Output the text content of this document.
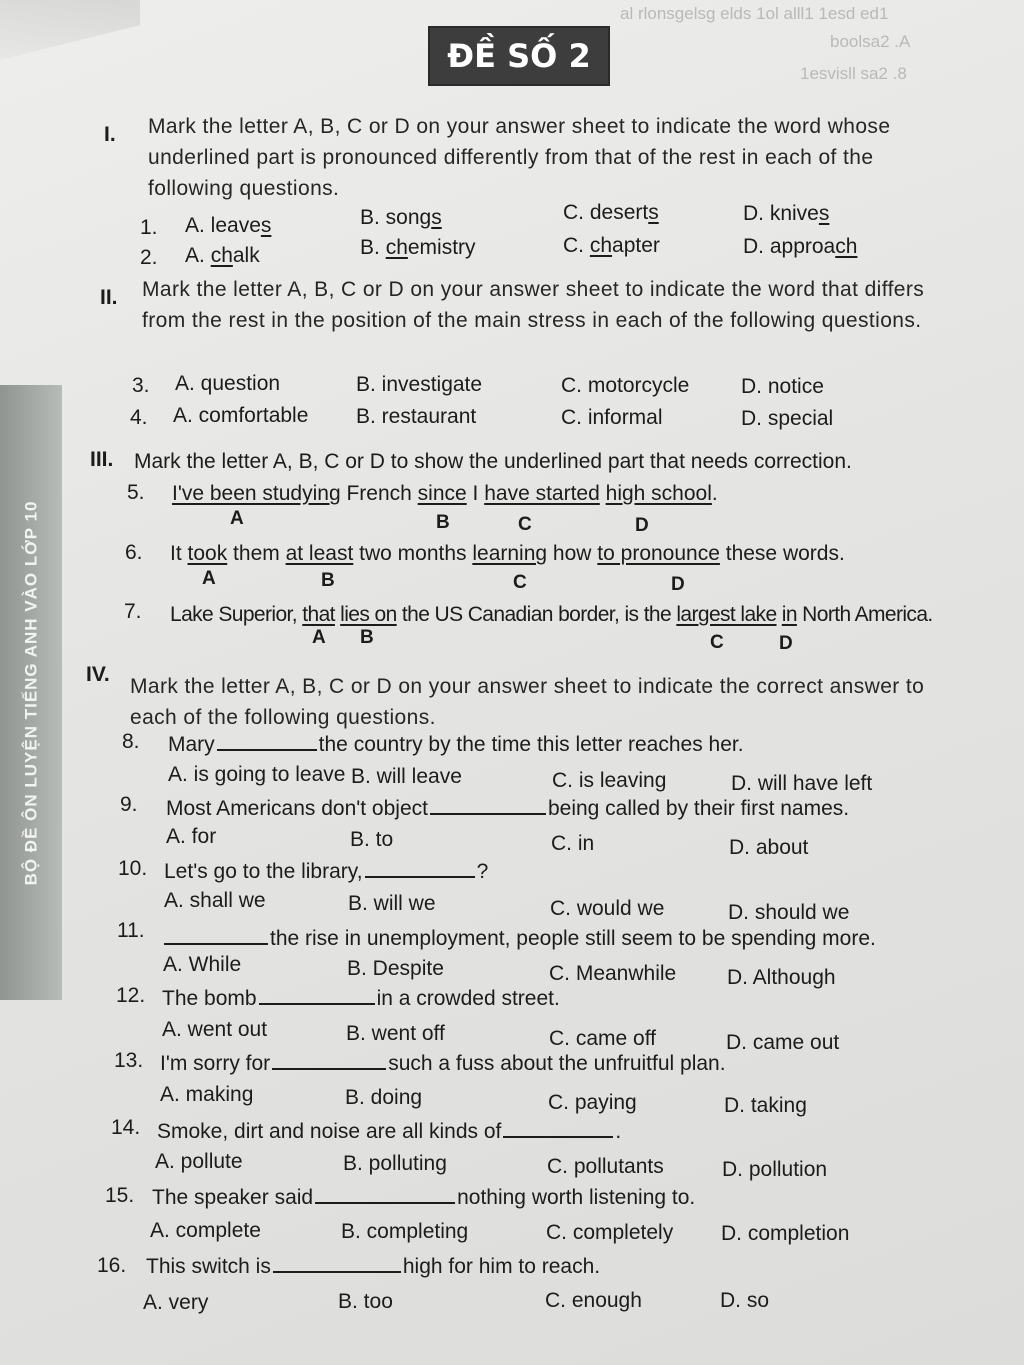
BỘ ĐỀ ÔN LUYỆN TIẾNG ANH VÀO LỚP 10
al rlonsgelsg elds 1ol alll1 1esd ed1
boolsa2 .A
1esvisll sa2 .8
ĐỀ SỐ 2
I. Mark the letter A, B, C or D on your answer sheet to indicate the word whose underlined part is pronounced differently from that of the rest in each of the following questions.
1. A. leaves	B. songs	C. deserts	D. knives
2. A. chalk	B. chemistry	C. chapter	D. approach
II. Mark the letter A, B, C or D on your answer sheet to indicate the word that differs from the rest in the position of the main stress in each of the following questions.
3. A. question	B. investigate	C. motorcycle D. notice
4. A. comfortable B. restaurant	C. informal	D. special
III. Mark the letter A, B, C or D to show the underlined part that needs correction.
5. I've been studying French since I have started high school.
A	B	C	D
6. It took them at least two months learning how to pronounce these words.
A	B	C	D
7. Lake Superior, that lies on the US Canadian border, is the largest lake in North America.
A B	C	D
IV.
Mark the letter A, B, C or D on your answer sheet to indicate the correct answer to each of the following questions.
8. Mary	the country by the time this letter reaches her.
A. is going to leave B. will leave	C. is leaving	D. will have left
9. Most Americans don't object	being called by their first names.
A. for	B. to	C. in	D. about
10. Let's go to the library,	?
A. shall we	B. will we	C. would we	D. should we
11.	the rise in unemployment, people still seem to be spending more.
A. While	B. Despite	C. Meanwhile D. Although
12. The bomb	in a crowded street.
A. went out	B. went off	C. came off	D. came out
13. I'm sorry for	such a fuss about the unfruitful plan.
A. making	B. doing	C. paying	D. taking
14. Smoke, dirt and noise are all kinds of	.
A. pollute	B. polluting	C. pollutants	D. pollution
15. The speaker said	nothing worth listening to.
A. complete	B. completing	C. completely D. completion
16. This switch is	high for him to reach.
A. very	B. too	C. enough	D. so
